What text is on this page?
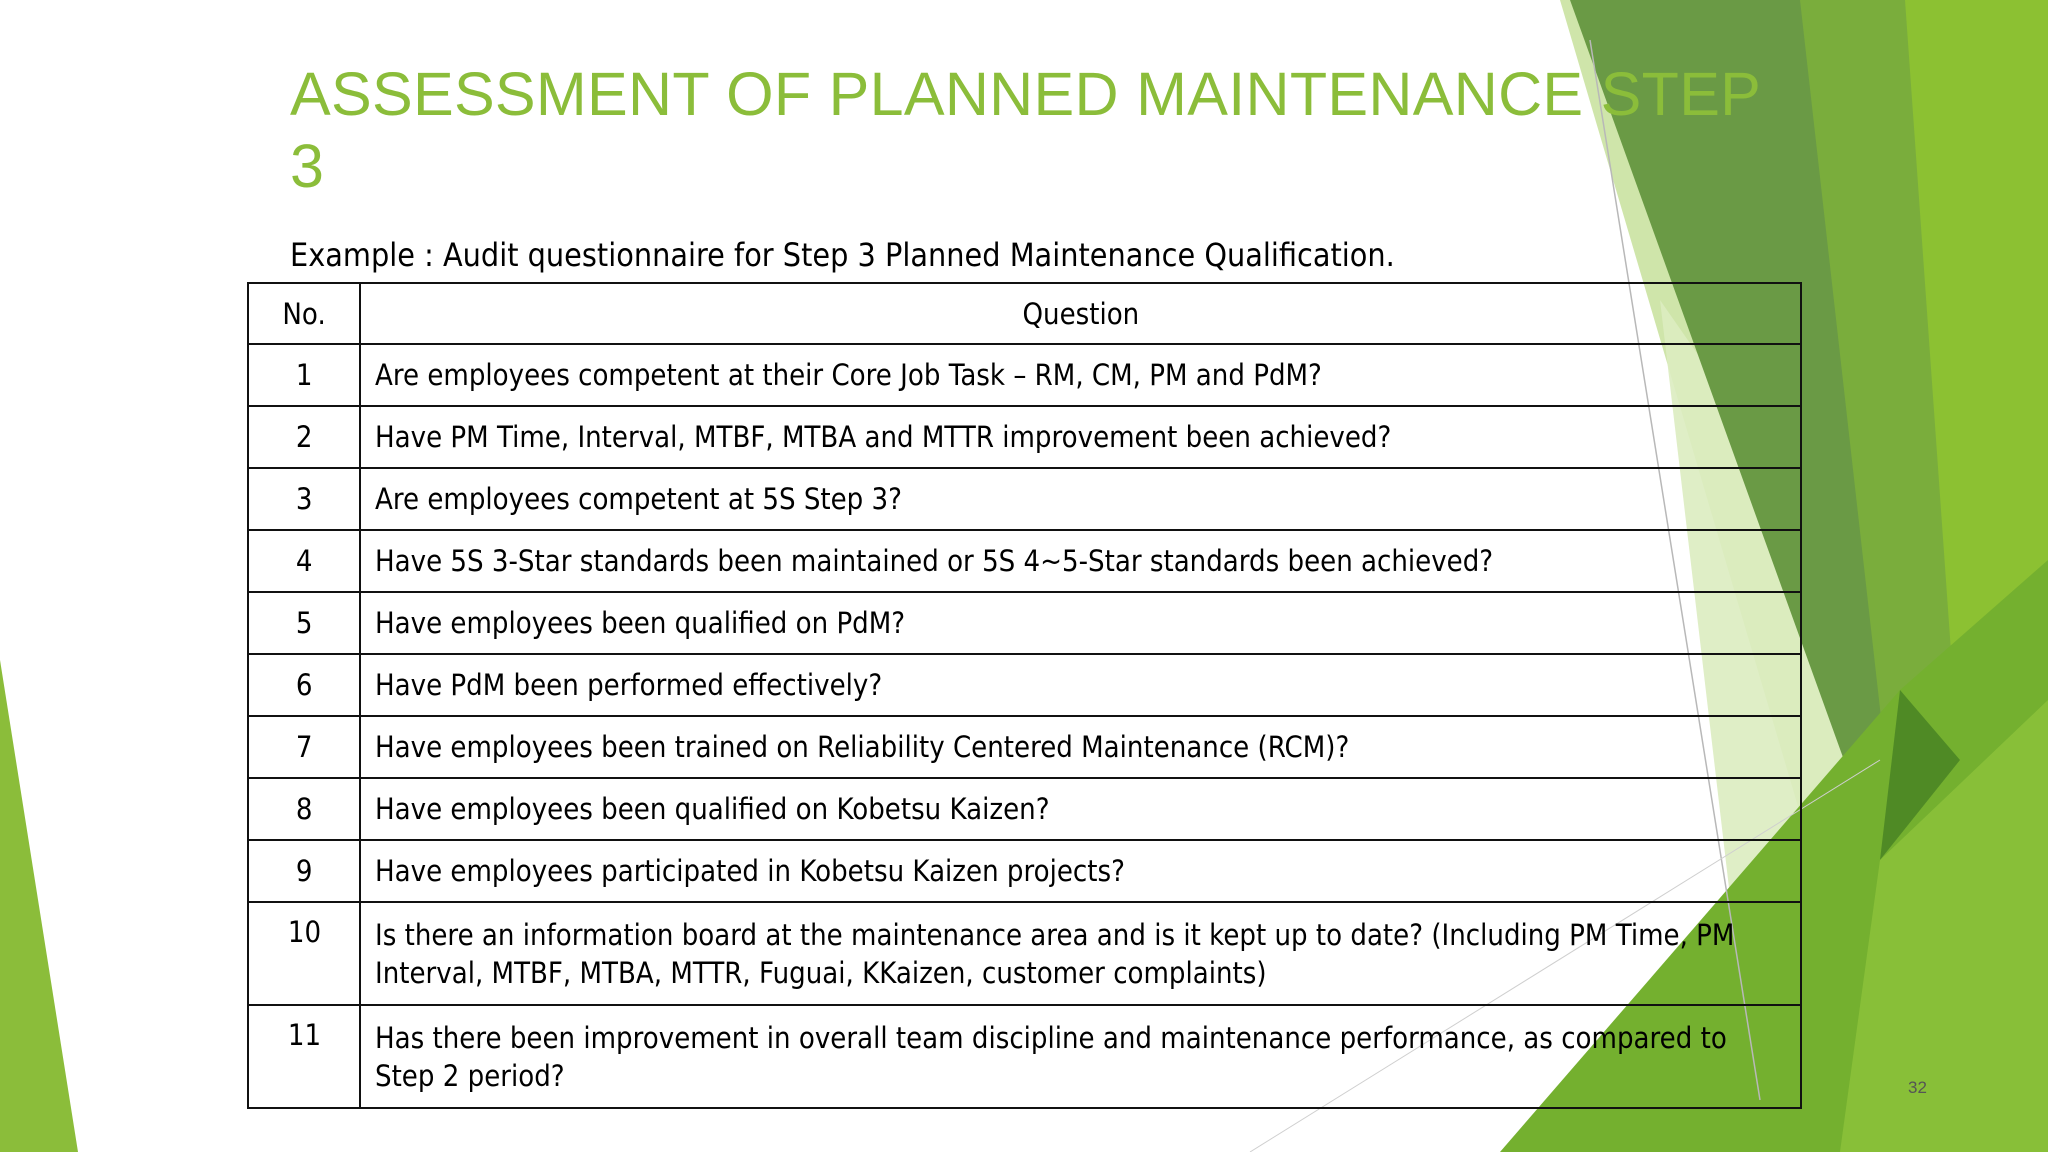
ASSESSMENT OF PLANNED MAINTENANCE STEP
3

Example : Audit questionnaire for Step 3 Planned Maintenance Qualification.

No.	Question
1	Are employees competent at their Core Job Task – RM, CM, PM and PdM?
2	Have PM Time, Interval, MTBF, MTBA and MTTR improvement been achieved?
3	Are employees competent at 5S Step 3?
4	Have 5S 3-Star standards been maintained or 5S 4~5-Star standards been achieved?
5	Have employees been qualified on PdM?
6	Have PdM been performed effectively?
7	Have employees been trained on Reliability Centered Maintenance (RCM)?
8	Have employees been qualified on Kobetsu Kaizen?
9	Have employees participated in Kobetsu Kaizen projects?
10	Is there an information board at the maintenance area and is it kept up to date? (Including PM Time, PM Interval, MTBF, MTBA, MTTR, Fuguai, KKaizen, customer complaints)
11	Has there been improvement in overall team discipline and maintenance performance, as compared to Step 2 period?	32
